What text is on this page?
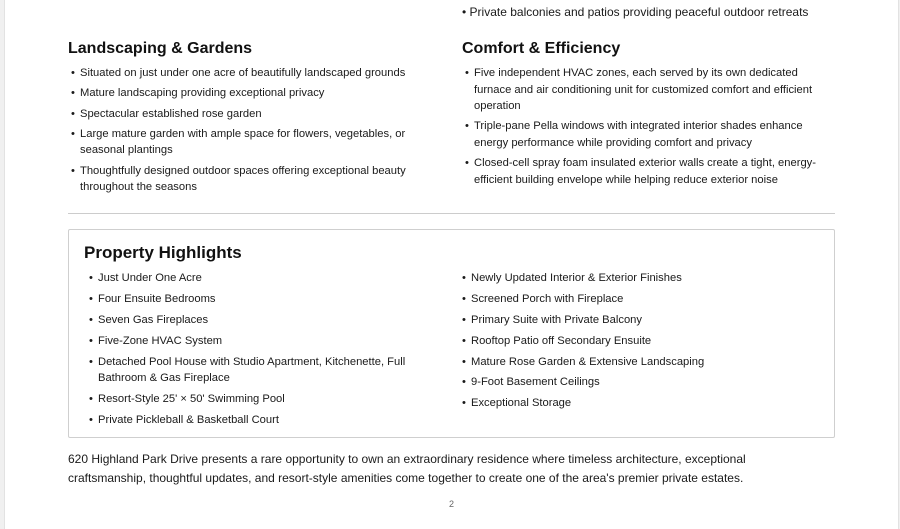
• Private balconies and patios providing peaceful outdoor retreats
Landscaping & Gardens
• Situated on just under one acre of beautifully landscaped grounds
• Mature landscaping providing exceptional privacy
• Spectacular established rose garden
• Large mature garden with ample space for flowers, vegetables, or seasonal plantings
• Thoughtfully designed outdoor spaces offering exceptional beauty throughout the seasons
Comfort & Efficiency
• Five independent HVAC zones, each served by its own dedicated furnace and air conditioning unit for customized comfort and efficient operation
• Triple-pane Pella windows with integrated interior shades enhance energy performance while providing comfort and privacy
• Closed-cell spray foam insulated exterior walls create a tight, energy-efficient building envelope while helping reduce exterior noise
Property Highlights
• Just Under One Acre
• Four Ensuite Bedrooms
• Seven Gas Fireplaces
• Five-Zone HVAC System
• Detached Pool House with Studio Apartment, Kitchenette, Full Bathroom & Gas Fireplace
• Resort-Style 25' × 50' Swimming Pool
• Private Pickleball & Basketball Court
• Newly Updated Interior & Exterior Finishes
• Screened Porch with Fireplace
• Primary Suite with Private Balcony
• Rooftop Patio off Secondary Ensuite
• Mature Rose Garden & Extensive Landscaping
• 9-Foot Basement Ceilings
• Exceptional Storage

620 Highland Park Drive presents a rare opportunity to own an extraordinary residence where timeless architecture, exceptional craftsmanship, thoughtful updates, and resort-style amenities come together to create one of the area's premier private estates.

2
